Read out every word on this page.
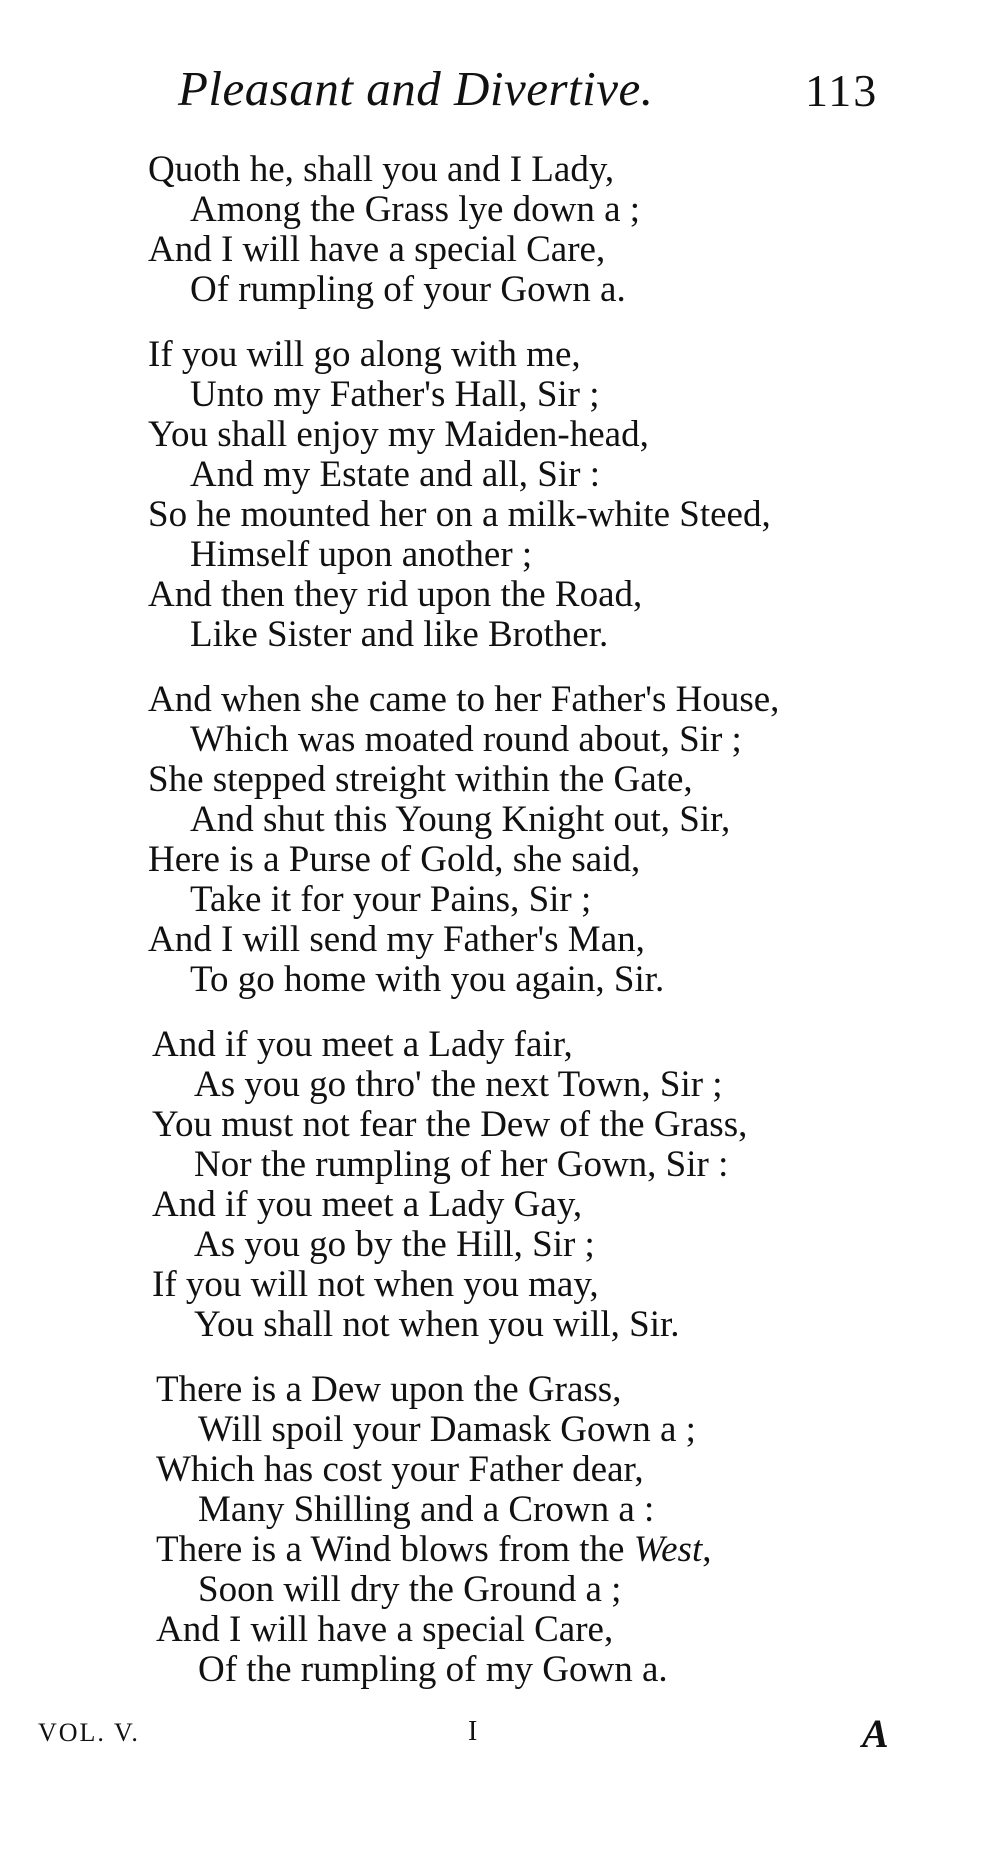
Pleasant and Divertive.	113
Quoth he, shall you and I Lady,
Among the Grass lye down a ;
And I will have a special Care,
Of rumpling of your Gown a.
If you will go along with me,
Unto my Father's Hall, Sir ;
You shall enjoy my Maiden-head,
And my Estate and all, Sir :
So he mounted her on a milk-white Steed,
Himself upon another ;
And then they rid upon the Road,
Like Sister and like Brother.
And when she came to her Father's House,
Which was moated round about, Sir ;
She stepped streight within the Gate,
And shut this Young Knight out, Sir,
Here is a Purse of Gold, she said,
Take it for your Pains, Sir ;
And I will send my Father's Man,
To go home with you again, Sir.
And if you meet a Lady fair,
As you go thro' the next Town, Sir ;
You must not fear the Dew of the Grass,
Nor the rumpling of her Gown, Sir :
And if you meet a Lady Gay,
As you go by the Hill, Sir ;
If you will not when you may,
You shall not when you will, Sir.
There is a Dew upon the Grass,
Will spoil your Damask Gown a ;
Which has cost your Father dear,
Many Shilling and a Crown a :
There is a Wind blows from the West,
Soon will dry the Ground a ;
And I will have a special Care,
Of the rumpling of my Gown a.
VOL. V.	I	A
